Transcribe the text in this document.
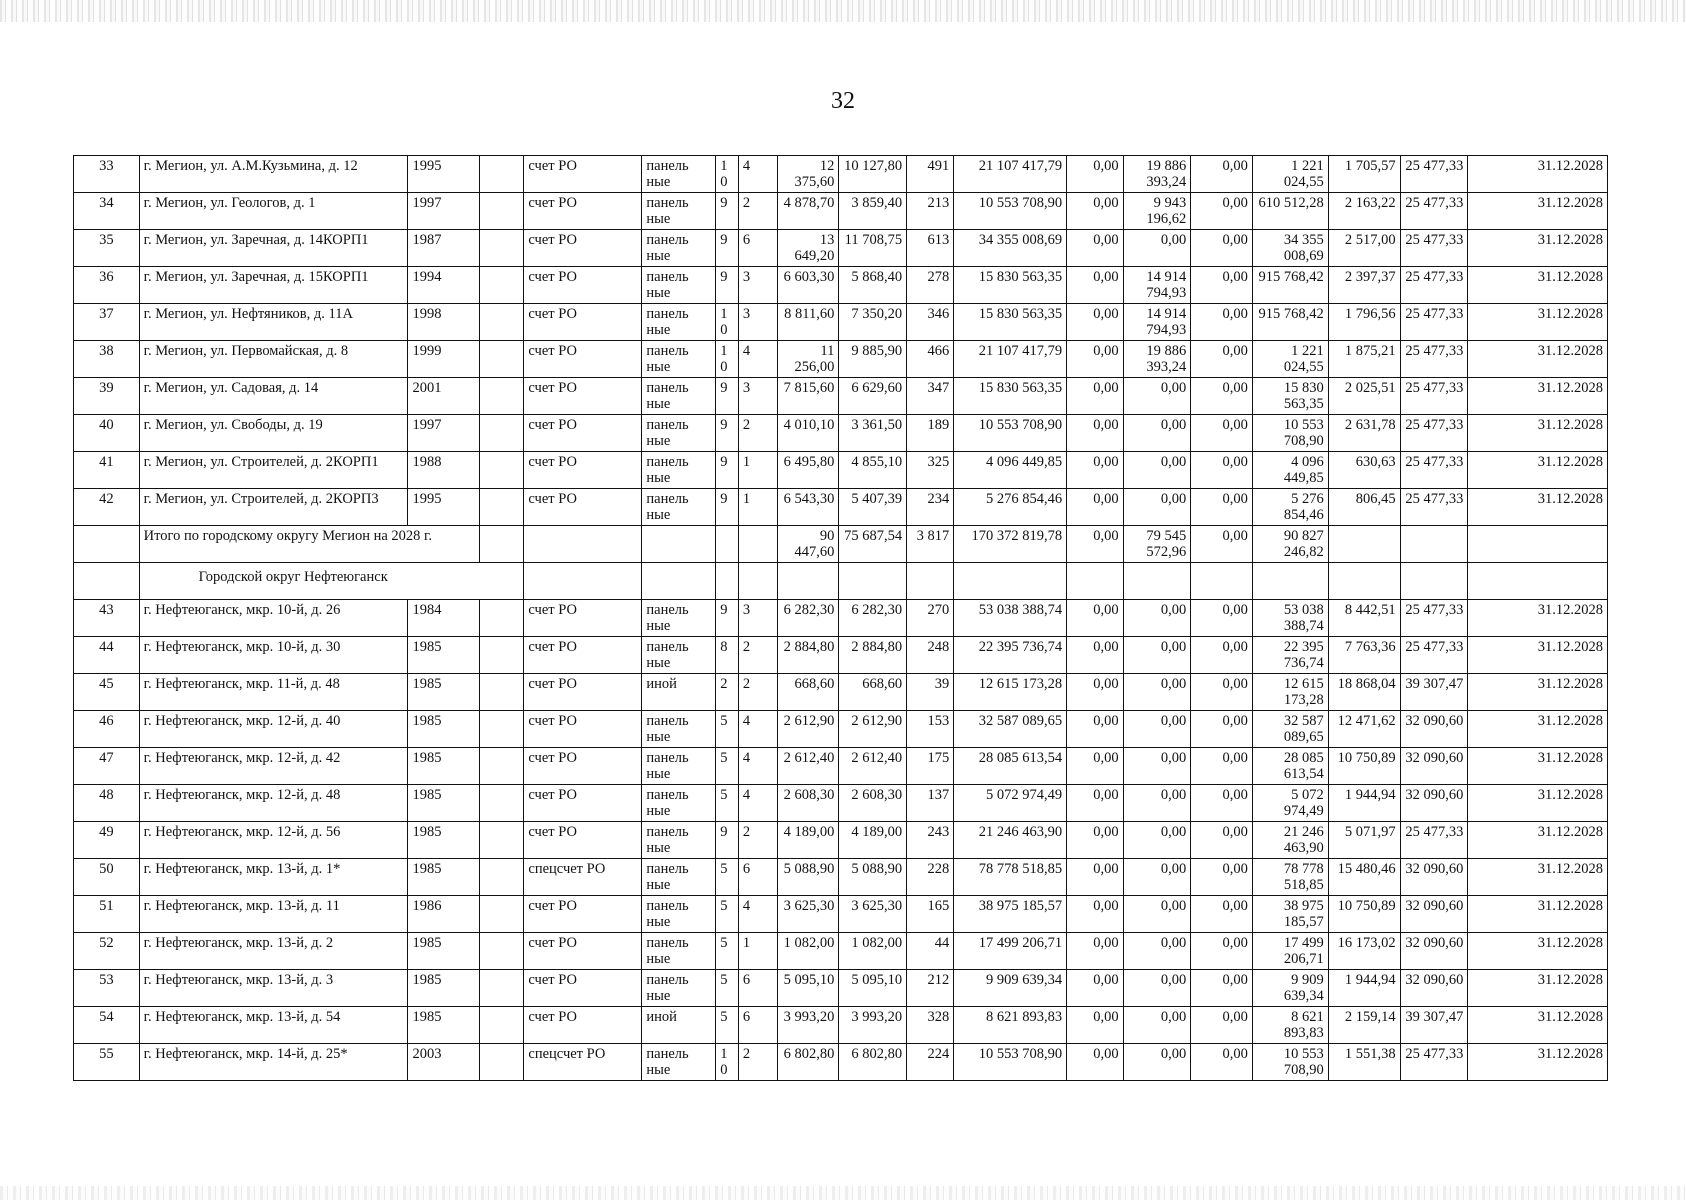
32
33	г. Мегион, ул. А.М.Кузьмина, д. 12	1995		счет РО	панель ные	1 0	4	12 375,60	10 127,80	491	21 107 417,79	0,00	19 886 393,24	0,00	1 221 024,55	1 705,57	25 477,33	31.12.2028
34	г. Мегион, ул. Геологов, д. 1	1997		счет РО	панель ные	9	2	4 878,70	3 859,40	213	10 553 708,90	0,00	9 943 196,62	0,00	610 512,28	2 163,22	25 477,33	31.12.2028
35	г. Мегион, ул. Заречная, д. 14КОРП1	1987		счет РО	панель ные	9	6	13 649,20	11 708,75	613	34 355 008,69	0,00	0,00	0,00	34 355 008,69	2 517,00	25 477,33	31.12.2028
36	г. Мегион, ул. Заречная, д. 15КОРП1	1994		счет РО	панель ные	9	3	6 603,30	5 868,40	278	15 830 563,35	0,00	14 914 794,93	0,00	915 768,42	2 397,37	25 477,33	31.12.2028
37	г. Мегион, ул. Нефтяников, д. 11А	1998		счет РО	панель ные	1 0	3	8 811,60	7 350,20	346	15 830 563,35	0,00	14 914 794,93	0,00	915 768,42	1 796,56	25 477,33	31.12.2028
38	г. Мегион, ул. Первомайская, д. 8	1999		счет РО	панель ные	1 0	4	11 256,00	9 885,90	466	21 107 417,79	0,00	19 886 393,24	0,00	1 221 024,55	1 875,21	25 477,33	31.12.2028
39	г. Мегион, ул. Садовая, д. 14	2001		счет РО	панель ные	9	3	7 815,60	6 629,60	347	15 830 563,35	0,00	0,00	0,00	15 830 563,35	2 025,51	25 477,33	31.12.2028
40	г. Мегион, ул. Свободы, д. 19	1997		счет РО	панель ные	9	2	4 010,10	3 361,50	189	10 553 708,90	0,00	0,00	0,00	10 553 708,90	2 631,78	25 477,33	31.12.2028
41	г. Мегион, ул. Строителей, д. 2КОРП1	1988		счет РО	панель ные	9	1	6 495,80	4 855,10	325	4 096 449,85	0,00	0,00	0,00	4 096 449,85	630,63	25 477,33	31.12.2028
42	г. Мегион, ул. Строителей, д. 2КОРП3	1995		счет РО	панель ные	9	1	6 543,30	5 407,39	234	5 276 854,46	0,00	0,00	0,00	5 276 854,46	806,45	25 477,33	31.12.2028
	Итого по городскому округу Мегион на 2028 г.							90 447,60	75 687,54	3 817	170 372 819,78	0,00	79 545 572,96	0,00	90 827 246,82			
	Городской округ Нефтеюганск																	
43	г. Нефтеюганск, мкр. 10-й, д. 26	1984		счет РО	панель ные	9	3	6 282,30	6 282,30	270	53 038 388,74	0,00	0,00	0,00	53 038 388,74	8 442,51	25 477,33	31.12.2028
44	г. Нефтеюганск, мкр. 10-й, д. 30	1985		счет РО	панель ные	8	2	2 884,80	2 884,80	248	22 395 736,74	0,00	0,00	0,00	22 395 736,74	7 763,36	25 477,33	31.12.2028
45	г. Нефтеюганск, мкр. 11-й, д. 48	1985		счет РО	иной	2	2	668,60	668,60	39	12 615 173,28	0,00	0,00	0,00	12 615 173,28	18 868,04	39 307,47	31.12.2028
46	г. Нефтеюганск, мкр. 12-й, д. 40	1985		счет РО	панель ные	5	4	2 612,90	2 612,90	153	32 587 089,65	0,00	0,00	0,00	32 587 089,65	12 471,62	32 090,60	31.12.2028
47	г. Нефтеюганск, мкр. 12-й, д. 42	1985		счет РО	панель ные	5	4	2 612,40	2 612,40	175	28 085 613,54	0,00	0,00	0,00	28 085 613,54	10 750,89	32 090,60	31.12.2028
48	г. Нефтеюганск, мкр. 12-й, д. 48	1985		счет РО	панель ные	5	4	2 608,30	2 608,30	137	5 072 974,49	0,00	0,00	0,00	5 072 974,49	1 944,94	32 090,60	31.12.2028
49	г. Нефтеюганск, мкр. 12-й, д. 56	1985		счет РО	панель ные	9	2	4 189,00	4 189,00	243	21 246 463,90	0,00	0,00	0,00	21 246 463,90	5 071,97	25 477,33	31.12.2028
50	г. Нефтеюганск, мкр. 13-й, д. 1*	1985		спецсчет РО	панель ные	5	6	5 088,90	5 088,90	228	78 778 518,85	0,00	0,00	0,00	78 778 518,85	15 480,46	32 090,60	31.12.2028
51	г. Нефтеюганск, мкр. 13-й, д. 11	1986		счет РО	панель ные	5	4	3 625,30	3 625,30	165	38 975 185,57	0,00	0,00	0,00	38 975 185,57	10 750,89	32 090,60	31.12.2028
52	г. Нефтеюганск, мкр. 13-й, д. 2	1985		счет РО	панель ные	5	1	1 082,00	1 082,00	44	17 499 206,71	0,00	0,00	0,00	17 499 206,71	16 173,02	32 090,60	31.12.2028
53	г. Нефтеюганск, мкр. 13-й, д. 3	1985		счет РО	панель ные	5	6	5 095,10	5 095,10	212	9 909 639,34	0,00	0,00	0,00	9 909 639,34	1 944,94	32 090,60	31.12.2028
54	г. Нефтеюганск, мкр. 13-й, д. 54	1985		счет РО	иной	5	6	3 993,20	3 993,20	328	8 621 893,83	0,00	0,00	0,00	8 621 893,83	2 159,14	39 307,47	31.12.2028
55	г. Нефтеюганск, мкр. 14-й, д. 25*	2003		спецсчет РО	панель ные	1 0	2	6 802,80	6 802,80	224	10 553 708,90	0,00	0,00	0,00	10 553 708,90	1 551,38	25 477,33	31.12.2028
